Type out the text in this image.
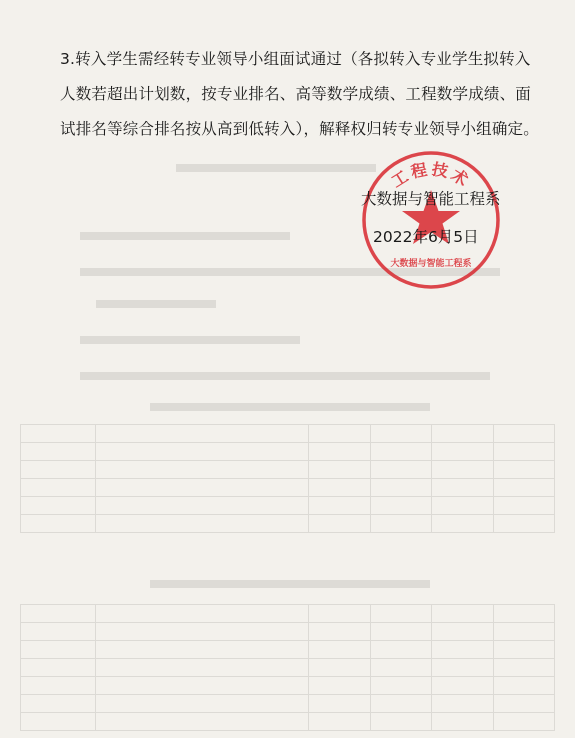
3.转入学生需经转专业领导小组面试通过（各拟转入专业学生拟转入
人数若超出计划数，按专业排名、高等数学成绩、工程数学成绩、面
试排名等综合排名按从高到低转入），解释权归转专业领导小组确定。
工程技术
大数据与智能工程系
大数据与智能工程系
2022年6月5日
